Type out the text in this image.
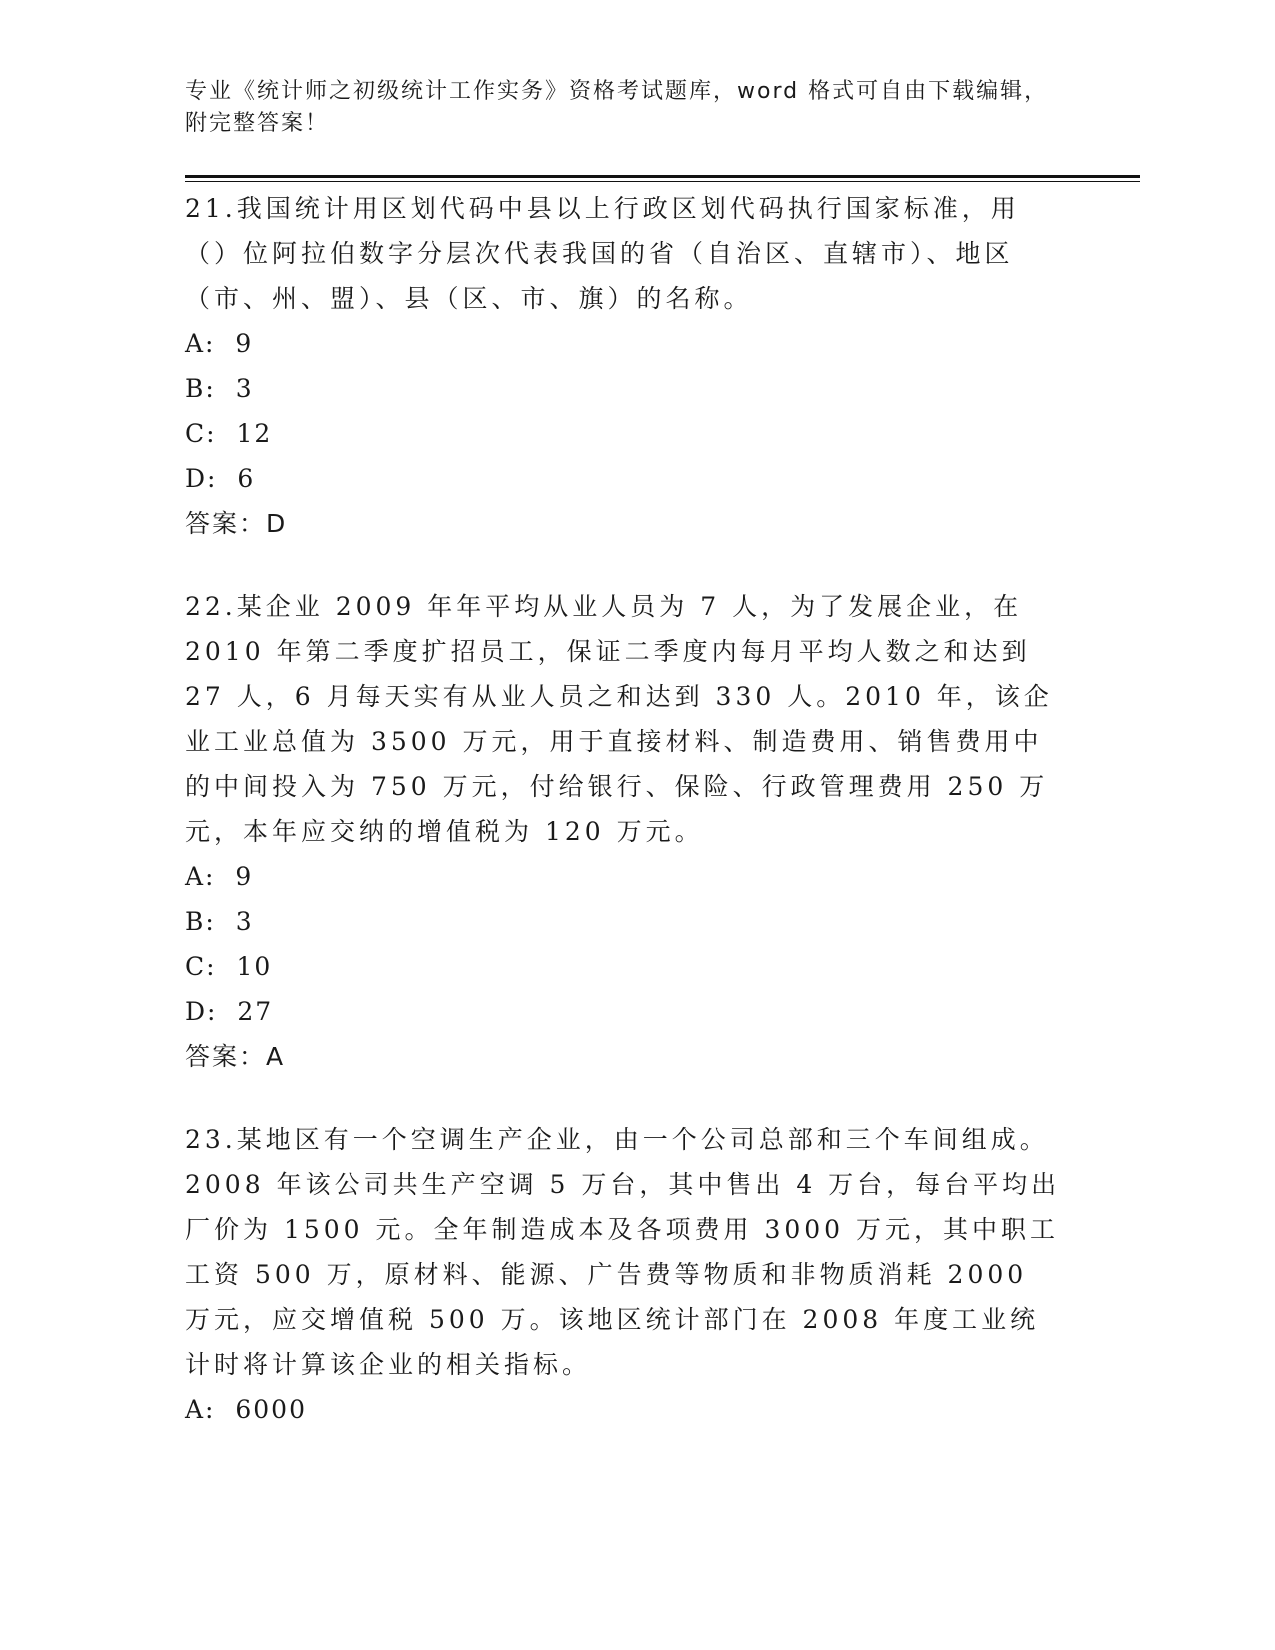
专业《统计师之初级统计工作实务》资格考试题库，word 格式可自由下载编辑，附完整答案！

21.我国统计用区划代码中县以上行政区划代码执行国家标准，用（）位阿拉伯数字分层次代表我国的省（自治区、直辖市）、地区（市、州、盟）、县（区、市、旗）的名称。

A:  9

B:  3

C:  12

D:  6

答案：D

22.某企业 2009 年年平均从业人员为 7 人，为了发展企业，在 2010 年第二季度扩招员工，保证二季度内每月平均人数之和达到 27 人，6 月每天实有从业人员之和达到 330 人。2010 年，该企业工业总值为 3500 万元，用于直接材料、制造费用、销售费用中的中间投入为 750 万元，付给银行、保险、行政管理费用 250 万元，本年应交纳的增值税为 120 万元。

A:  9

B:  3

C:  10

D:  27

答案：A

23.某地区有一个空调生产企业，由一个公司总部和三个车间组成。2008 年该公司共生产空调 5 万台，其中售出 4 万台，每台平均出厂价为 1500 元。全年制造成本及各项费用 3000 万元，其中职工工资 500 万，原材料、能源、广告费等物质和非物质消耗 2000 万元，应交增值税 500 万。该地区统计部门在 2008 年度工业统计时将计算该企业的相关指标。

A:  6000
